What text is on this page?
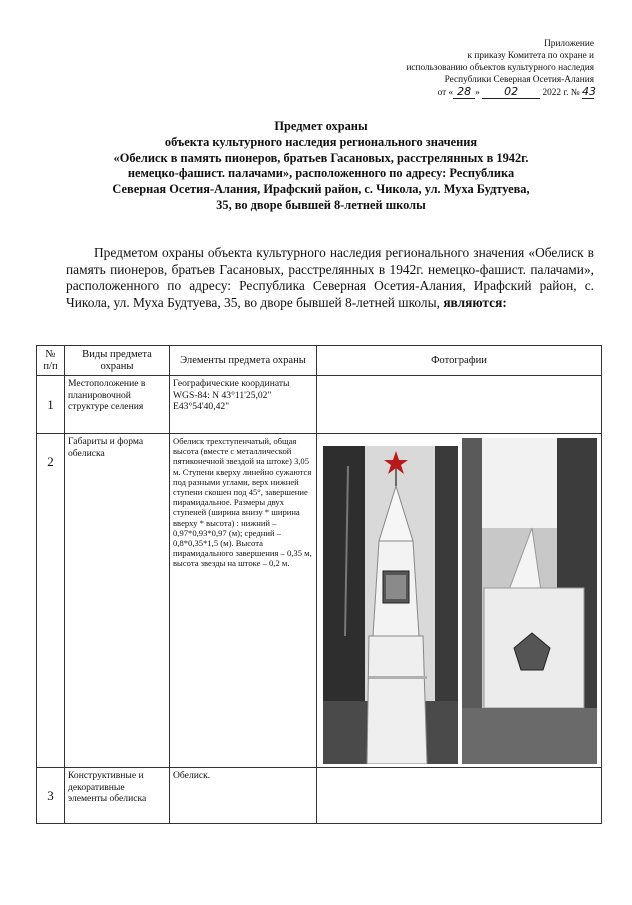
Приложение
к приказу Комитета по охране и
использованию объектов культурного наследия
Республики Северная Осетия-Алания
от « 28 » 02	2022 г. № 43
Предмет охраны
объекта культурного наследия регионального значения
«Обелиск в память пионеров, братьев Гасановых, расстрелянных в 1942г.
немецко-фашист. палачами», расположенного по адресу: Республика
Северная Осетия-Алания, Ирафский район, с. Чикола, ул. Муха Будтуева,
35, во дворе бывшей 8-летней школы
Предметом охраны объекта культурного наследия регионального значения «Обелиск в память пионеров, братьев Гасановых, расстрелянных в 1942г. немецко-фашист. палачами», расположенного по адресу: Республика Северная Осетия-Алания, Ирафский район, с. Чикола, ул. Муха Будтуева, 35, во дворе бывшей 8-летней школы, являются:
№ п/п	Виды предмета охраны	Элементы предмета охраны	Фотографии
1	Местоположение в планировочной структуре селения	Географические координаты WGS-84: N 43°11'25,02" E43°54'40,42"	
2	Габариты и форма обелиска	Обелиск трехступенчатый, общая высота (вместе с металлической пятиконечной звездой на штоке) 3,05 м. Ступени кверху линейно сужаются под разными углами, верх нижней ступени скошен под 45°, завершение пирамидальное. Размеры двух ступеней (ширина внизу * ширина вверху * высота) : нижний – 0,97*0,93*0,97 (м); средний – 0,8*0,35*1,5 (м). Высота пирамидального завершения – 0,35 м, высота звезды на штоке – 0,2 м.	

3	Конструктивные и декоративные элементы обелиска	Обелиск.	
